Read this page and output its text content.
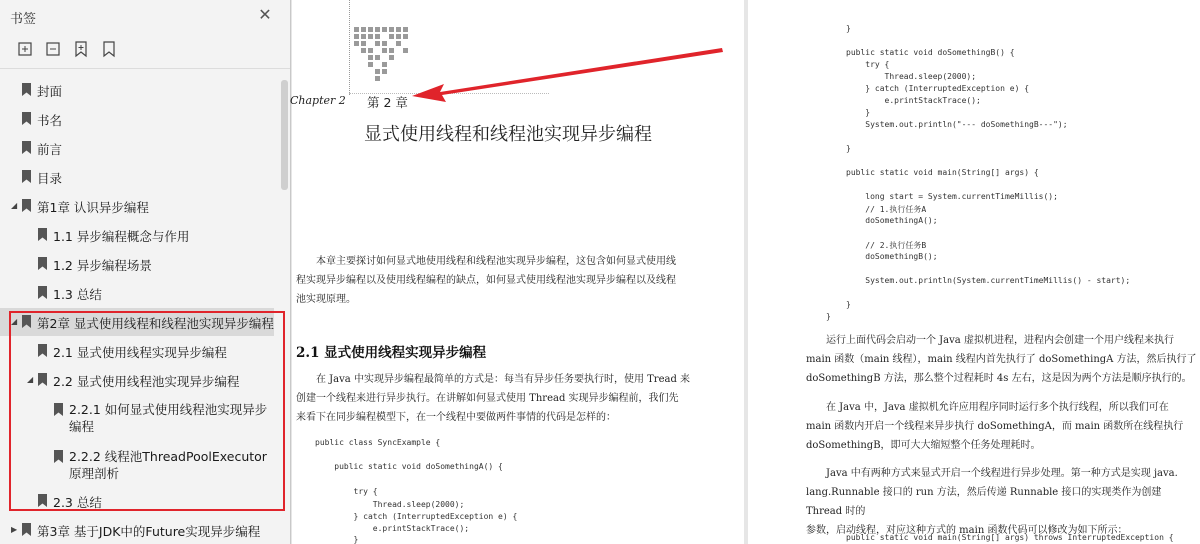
书签	✕
封面
书名
前言
目录
◢ 第1章 认识异步编程
1.1 异步编程概念与作用
1.2 异步编程场景
1.3 总结
◢ 第2章 显式使用线程和线程池实现异步编程
2.1 显式使用线程实现异步编程
◢ 2.2 显式使用线程池实现异步编程
2.2.1 如何显式使用线程池实现异步编程
2.2.2 线程池ThreadPoolExecutor原理剖析
2.3 总结
▶ 第3章 基于JDK中的Future实现异步编程
Chapter 2 第 2 章
显式使用线程和线程池实现异步编程
本章主要探讨如何显式地使用线程和线程池实现异步编程，这包含如何显式使用线
程实现异步编程以及使用线程编程的缺点，如何显式使用线程池实现异步编程以及线程
池实现原理。
2.1 显式使用线程实现异步编程
在 Java 中实现异步编程最简单的方式是：每当有异步任务要执行时，使用 Tread 来
创建一个线程来进行异步执行。在讲解如何显式使用 Thread 实现异步编程前，我们先
来看下在同步编程模型下，在一个线程中要做两件事情的代码是怎样的：
public class SyncExample {
public static void doSomethingA() {
try {
Thread.sleep(2000);
} catch (InterruptedException e) {
e.printStackTrace();
}
}
public static void doSomethingB() {
try {
Thread.sleep(2000);
} catch (InterruptedException e) {
e.printStackTrace();
}
System.out.println("--- doSomethingB---");
}
public static void main(String[] args) {
long start = System.currentTimeMillis();
// 1.执行任务A
doSomethingA();
// 2.执行任务B
doSomethingB();
System.out.println(System.currentTimeMillis() - start);
}
}
运行上面代码会启动一个 Java 虚拟机进程，进程内会创建一个用户线程来执行
main 函数（main 线程），main 线程内首先执行了 doSomethingA 方法，然后执行了
doSomethingB 方法，那么整个过程耗时 4s 左右，这是因为两个方法是顺序执行的。
在 Java 中，Java 虚拟机允许应用程序同时运行多个执行线程，所以我们可在
main 函数内开启一个线程来异步执行 doSomethingA，而 main 函数所在线程执行
doSomethingB，即可大大缩短整个任务处理耗时。
Java 中有两种方式来显式开启一个线程进行异步处理。第一种方式是实现 java.
lang.Runnable 接口的 run 方法，然后传递 Runnable 接口的实现类作为创建 Thread 时的
参数，启动线程，对应这种方式的 main 函数代码可以修改为如下所示：
public static void main(String[] args) throws InterruptedException {
